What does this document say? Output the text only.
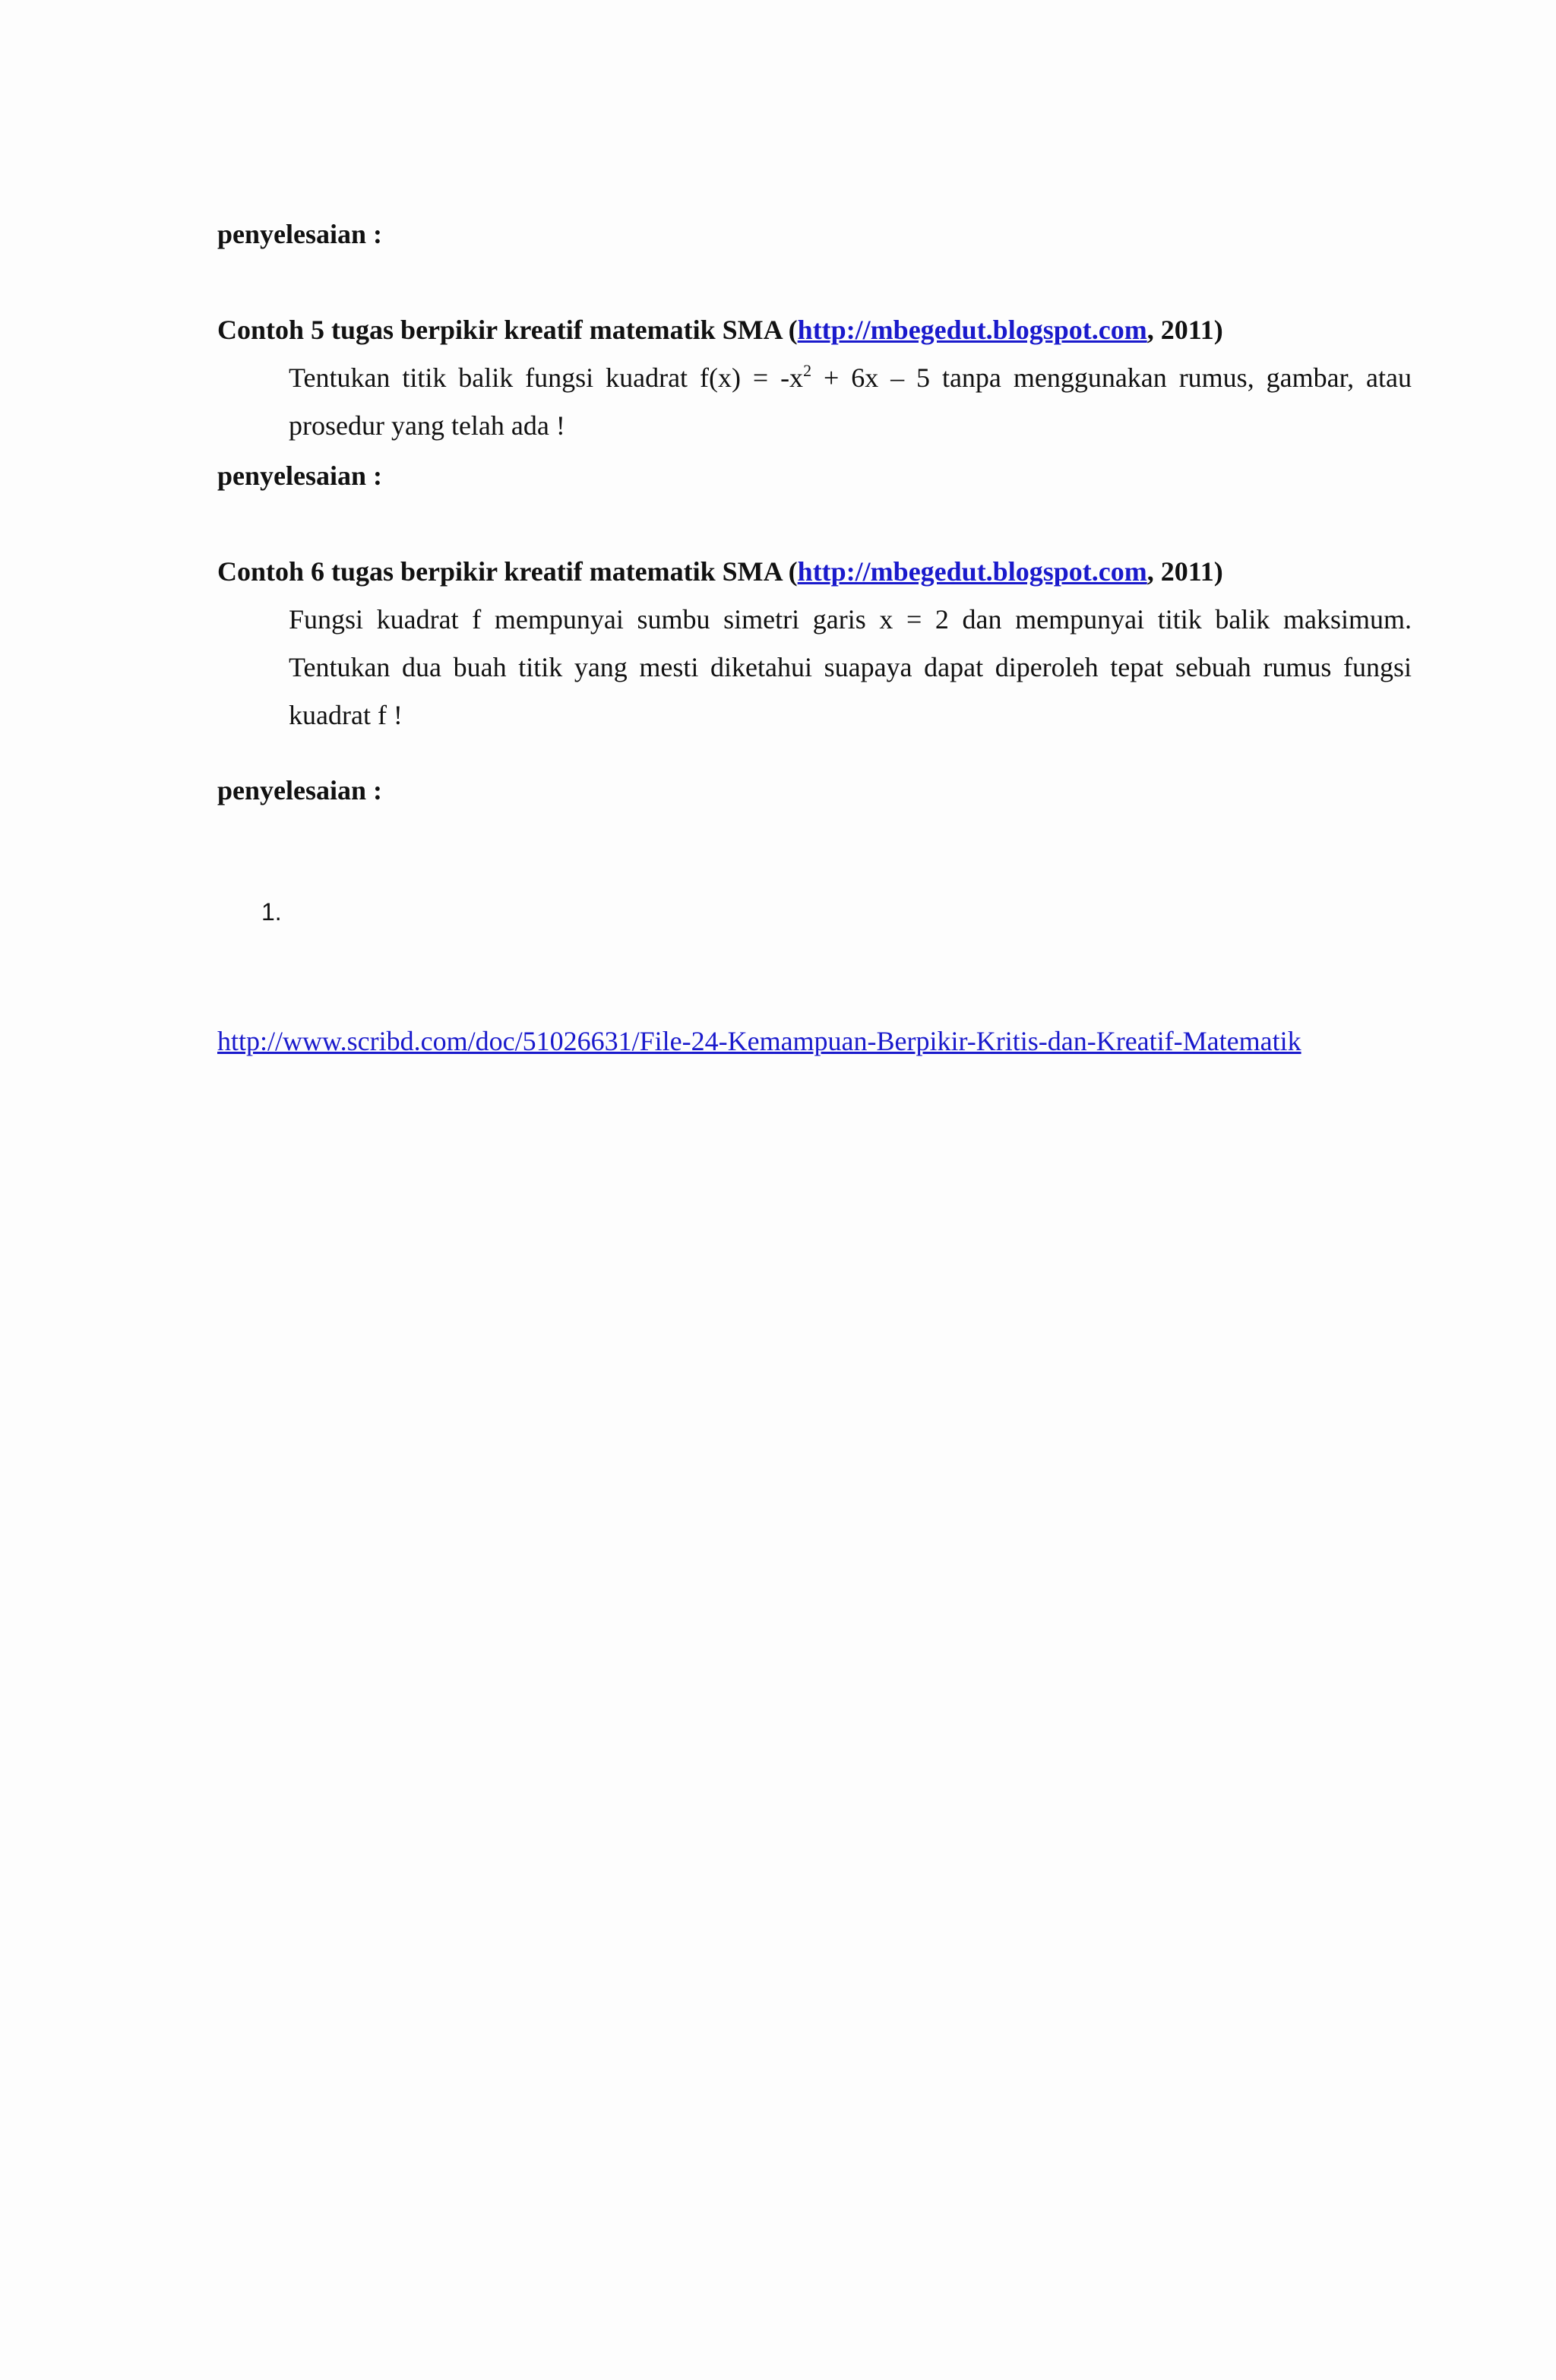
penyelesaian :
Contoh 5 tugas berpikir kreatif matematik SMA (http://mbegedut.blogspot.com, 2011)
Tentukan titik balik fungsi kuadrat $f(x) = -x^2 + 6x - 5$ tanpa menggunakan rumus, gambar, atau
prosedur yang telah ada !
penyelesaian :
Contoh 6 tugas berpikir kreatif matematik SMA (http://mbegedut.blogspot.com, 2011)
Fungsi kuadrat f mempunyai sumbu simetri garis x = 2 dan mempunyai titik balik maksimum.
Tentukan dua buah titik yang mesti diketahui suapaya dapat diperoleh tepat sebuah rumus fungsi
kuadrat f !
penyelesaian :
1.
http://www.scribd.com/doc/51026631/File-24-Kemampuan-Berpikir-Kritis-dan-Kreatif-Matematik
